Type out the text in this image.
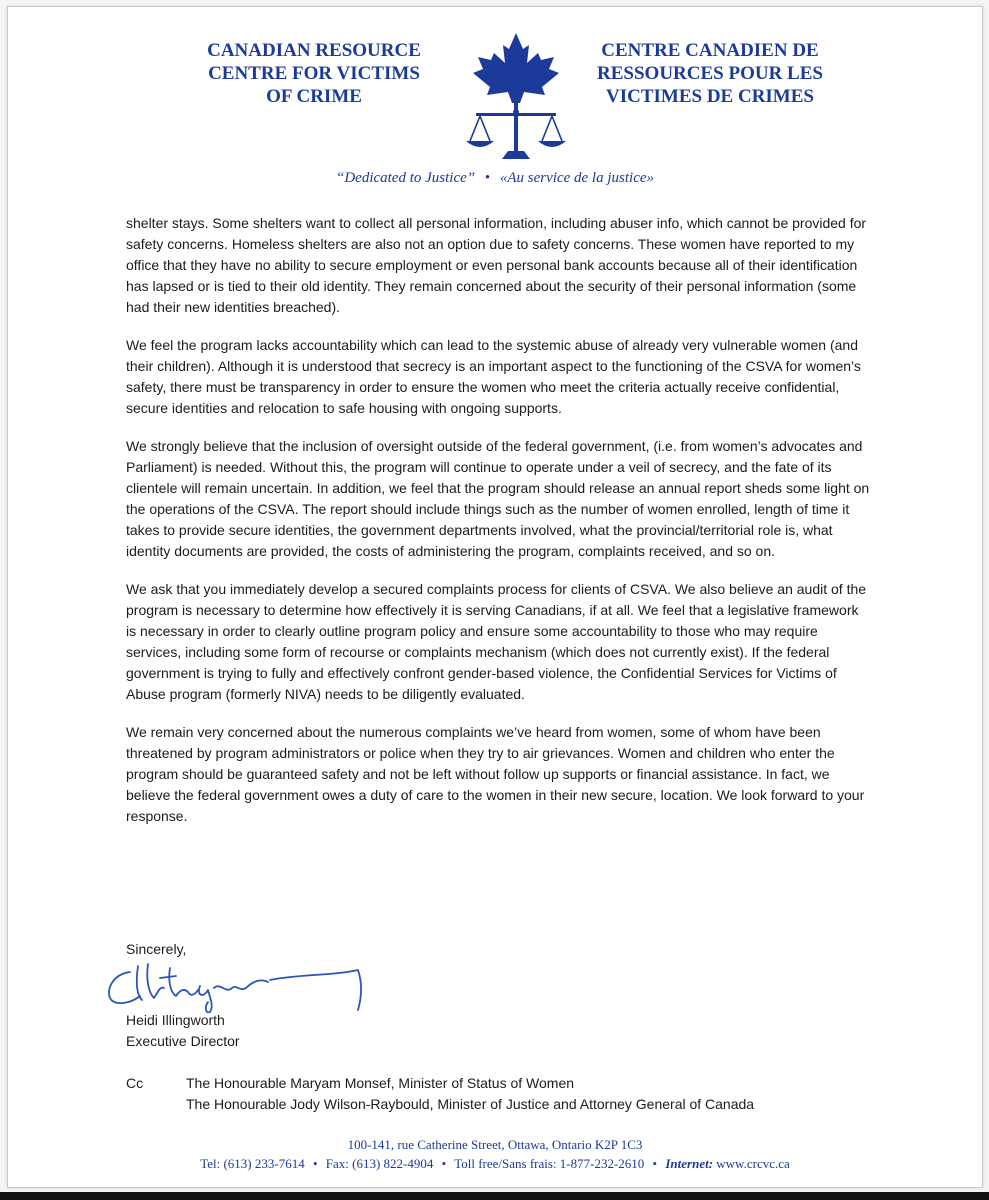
CANADIAN RESOURCE
CENTRE FOR VICTIMS
OF CRIME
CENTRE CANADIEN DE
RESSOURCES POUR LES
VICTIMES DE CRIMES
“Dedicated to Justice” • «Au service de la justice»

shelter stays. Some shelters want to collect all personal information, including abuser info, which cannot be provided for safety concerns. Homeless shelters are also not an option due to safety concerns. These women have reported to my office that they have no ability to secure employment or even personal bank accounts because all of their identification has lapsed or is tied to their old identity. They remain concerned about the security of their personal information (some had their new identities breached).

We feel the program lacks accountability which can lead to the systemic abuse of already very vulnerable women (and their children). Although it is understood that secrecy is an important aspect to the functioning of the CSVA for women’s safety, there must be transparency in order to ensure the women who meet the criteria actually receive confidential, secure identities and relocation to safe housing with ongoing supports.

We strongly believe that the inclusion of oversight outside of the federal government, (i.e. from women’s advocates and Parliament) is needed. Without this, the program will continue to operate under a veil of secrecy, and the fate of its clientele will remain uncertain. In addition, we feel that the program should release an annual report sheds some light on the operations of the CSVA. The report should include things such as the number of women enrolled, length of time it takes to provide secure identities, the government departments involved, what the provincial/territorial role is, what identity documents are provided, the costs of administering the program, complaints received, and so on.

We ask that you immediately develop a secured complaints process for clients of CSVA. We also believe an audit of the program is necessary to determine how effectively it is serving Canadians, if at all. We feel that a legislative framework is necessary in order to clearly outline program policy and ensure some accountability to those who may require services, including some form of recourse or complaints mechanism (which does not currently exist). If the federal government is trying to fully and effectively confront gender-based violence, the Confidential Services for Victims of Abuse program (formerly NIVA) needs to be diligently evaluated.

We remain very concerned about the numerous complaints we’ve heard from women, some of whom have been threatened by program administrators or police when they try to air grievances. Women and children who enter the program should be guaranteed safety and not be left without follow up supports or financial assistance. In fact, we believe the federal government owes a duty of care to the women in their new secure, location. We look forward to your response.

Sincerely,
Heidi Illingworth
Executive Director
Cc	The Honourable Maryam Monsef, Minister of Status of Women
The Honourable Jody Wilson-Raybould, Minister of Justice and Attorney General of Canada
100-141, rue Catherine Street, Ottawa, Ontario K2P 1C3
Tel: (613) 233-7614 • Fax: (613) 822-4904 • Toll free/Sans frais: 1-877-232-2610 • Internet: www.crcvc.ca
